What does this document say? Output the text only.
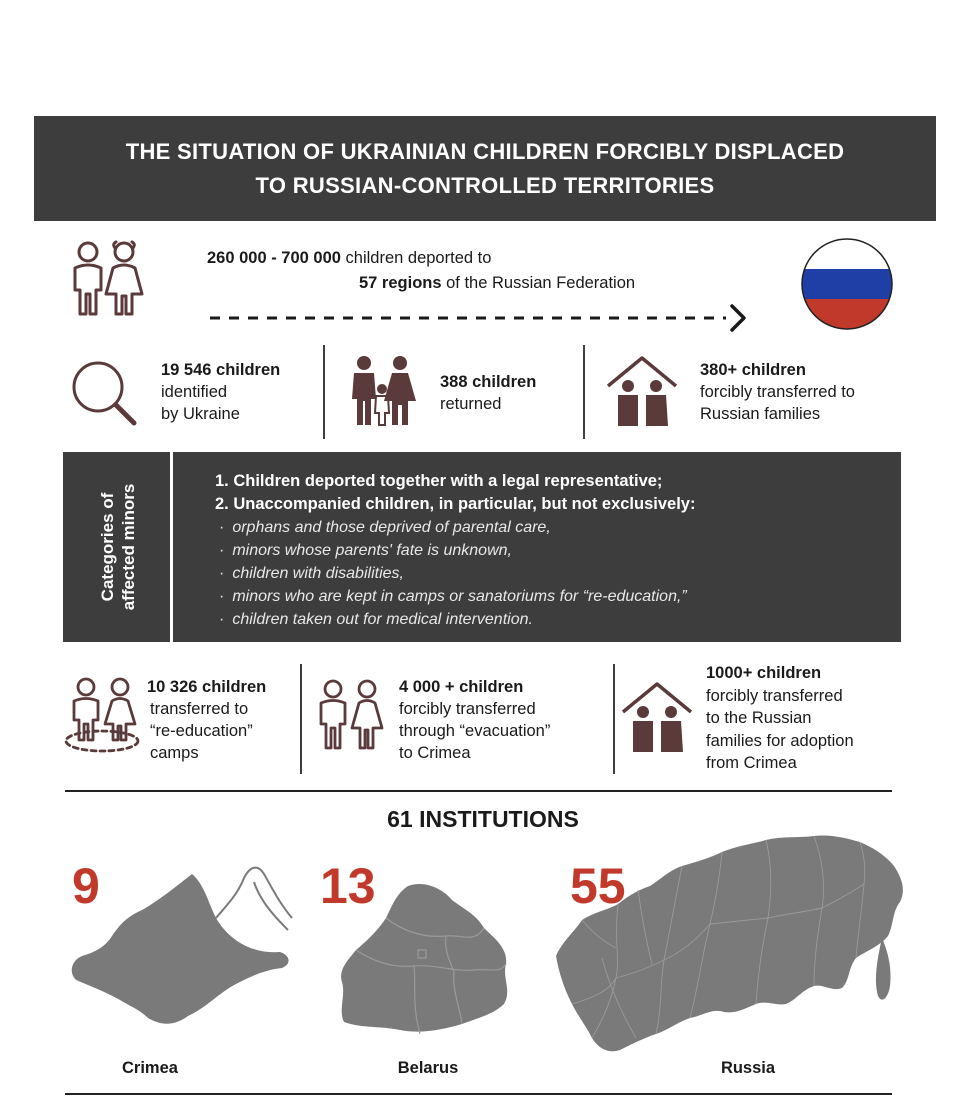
THE SITUATION OF UKRAINIAN CHILDREN FORCIBLY DISPLACED
TO RUSSIAN-CONTROLLED TERRITORIES
260 000 - 700 000 children deported to
57 regions of the Russian Federation
19 546 children
identified
by Ukraine
388 children
returned
380+ children
forcibly transferred to
Russian families
Categories of affected minors
1. Children deported together with a legal representative;
2. Unaccompanied children, in particular, but not exclusively:
· orphans and those deprived of parental care,
· minors whose parents' fate is unknown,
· children with disabilities,
· minors who are kept in camps or sanatoriums for “re-education,”
· children taken out for medical intervention.
10 326 children
transferred to
“re-education”
camps
4 000 + children
forcibly transferred
through “evacuation”
to Crimea
1000+ children
forcibly transferred
to the Russian
families for adoption
from Crimea
61 INSTITUTIONS
9
Crimea
13
Belarus
55
Russia
